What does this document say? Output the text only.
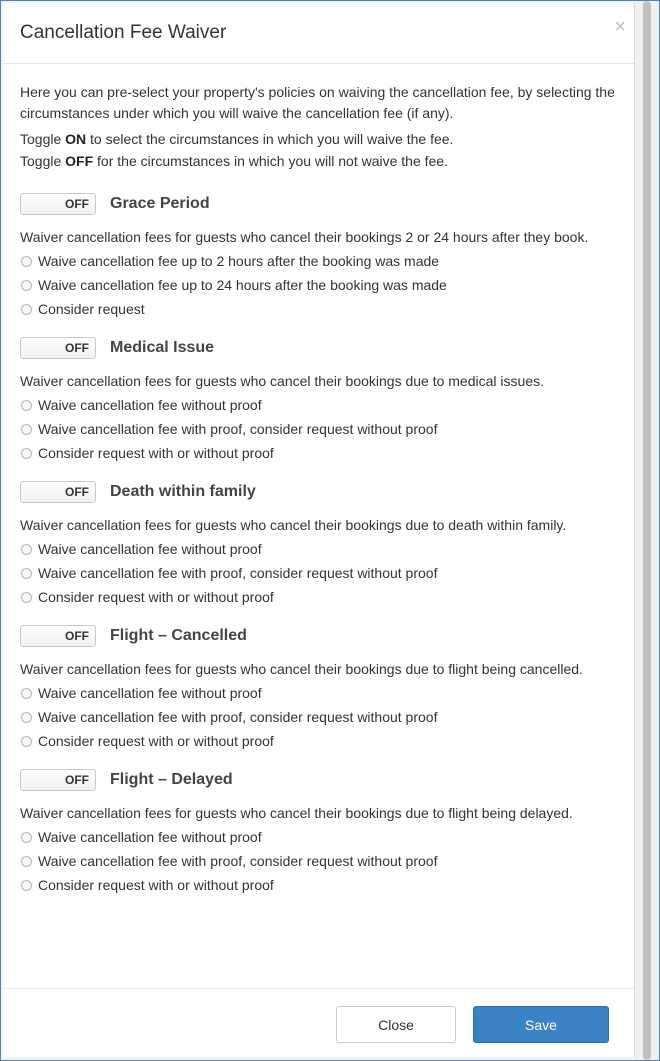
Cancellation Fee Waiver	×

Here you can pre-select your property's policies on waiving the cancellation fee, by selecting the circumstances under which you will waive the cancellation fee (if any).

Toggle ON to select the circumstances in which you will waive the fee.

Toggle OFF for the circumstances in which you will not waive the fee.

OFF Grace Period

Waiver cancellation fees for guests who cancel their bookings 2 or 24 hours after they book.

Waive cancellation fee up to 2 hours after the booking was made
Waive cancellation fee up to 24 hours after the booking was made
Consider request
OFF Medical Issue

Waiver cancellation fees for guests who cancel their bookings due to medical issues.

Waive cancellation fee without proof
Waive cancellation fee with proof, consider request without proof
Consider request with or without proof
OFF Death within family

Waiver cancellation fees for guests who cancel their bookings due to death within family.

Waive cancellation fee without proof
Waive cancellation fee with proof, consider request without proof
Consider request with or without proof
OFF Flight – Cancelled

Waiver cancellation fees for guests who cancel their bookings due to flight being cancelled.

Waive cancellation fee without proof
Waive cancellation fee with proof, consider request without proof
Consider request with or without proof
OFF Flight – Delayed

Waiver cancellation fees for guests who cancel their bookings due to flight being delayed.

Waive cancellation fee without proof
Waive cancellation fee with proof, consider request without proof
Consider request with or without proof
Close	Save
